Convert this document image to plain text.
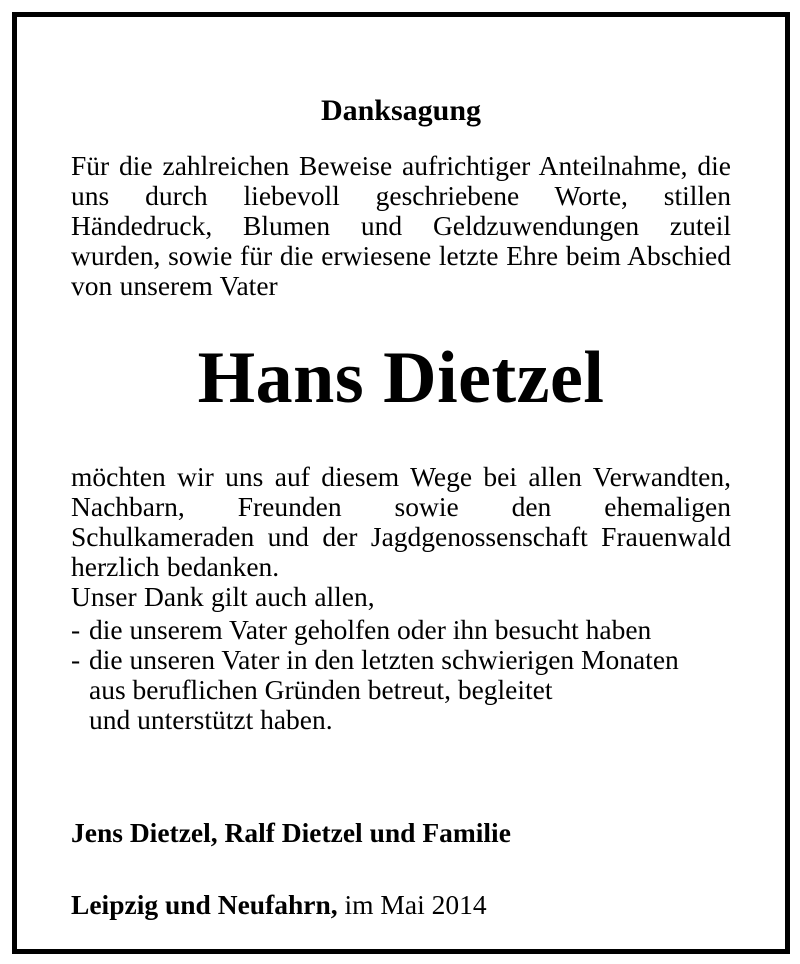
Danksagung

Für die zahlreichen Beweise aufrichtiger Anteilnahme, die uns durch liebevoll geschriebene Worte, stillen Händedruck, Blumen und Geldzuwendungen zuteil wurden, sowie für die erwiesene letzte Ehre beim Abschied von unserem Vater

Hans Dietzel

möchten wir uns auf diesem Wege bei allen Verwandten, Nachbarn, Freunden sowie den ehemaligen Schulkameraden und der Jagdgenossenschaft Frauenwald herzlich bedanken.

Unser Dank gilt auch allen,

- die unserem Vater geholfen oder ihn besucht haben
- die unseren Vater in den letzten schwierigen Monaten
aus beruflichen Gründen betreut, begleitet
und unterstützt haben.

Jens Dietzel, Ralf Dietzel und Familie

Leipzig und Neufahrn, im Mai 2014
